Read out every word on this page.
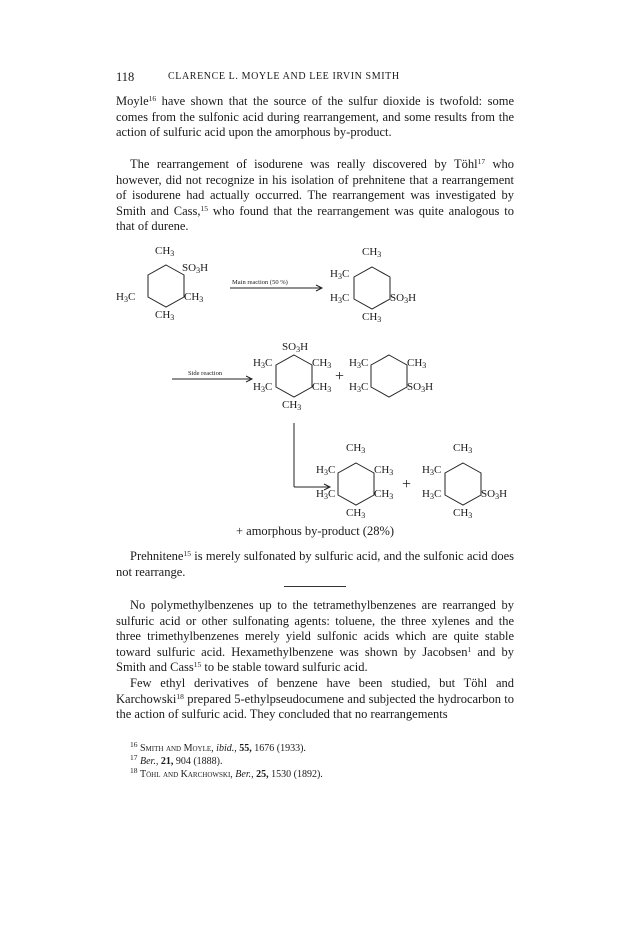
118	CLARENCE L. MOYLE AND LEE IRVIN SMITH

Moyle$^{16}$ have shown that the source of the sulfur dioxide is twofold: some comes from the sulfonic acid during rearrangement, and some results from the action of sulfuric acid upon the amorphous by-product.

The rearrangement of isodurene was really discovered by Töhl$^{17}$ who however, did not recognize in his isolation of prehnitene that a rearrangement of isodurene had actually occurred. The rearrangement was investigated by Smith and Cass,$^{15}$ who found that the rearrangement was quite analogous to that of durene.

$CH_3$
$SO_3H$
$H_3C$	$CH_3$
$CH_3$
Main reaction (50 %)
$CH_3$
$H_3C$
$H_3C$	$SO_3H$
$CH_3$
Side reaction
$SO_3H$
$H_3C$	$CH_3$
$H_3C$	$CH_3$
$CH_3$
+
$H_3C$	$CH_3$
$H_3C$	$SO_3H$
$CH_3$
$H_3C$	$CH_3$
$H_3C$	$CH_3$
$CH_3$
+
$CH_3$
$H_3C$
$H_3C$	$SO_3H$
$CH_3$
+ amorphous by-product (28%)

Prehnitene$^{15}$ is merely sulfonated by sulfuric acid, and the sulfonic acid does not rearrange.

No polymethylbenzenes up to the tetramethylbenzenes are rearranged by sulfuric acid or other sulfonating agents: toluene, the three xylenes and the three trimethylbenzenes merely yield sulfonic acids which are quite stable toward sulfuric acid. Hexamethylbenzene was shown by Jacobsen$^1$ and by Smith and Cass$^{15}$ to be stable toward sulfuric acid.

Few ethyl derivatives of benzene have been studied, but Töhl and Karchowski$^{18}$ prepared 5-ethylpseudocumene and subjected the hydrocarbon to the action of sulfuric acid. They concluded that no rearrangements

$^{16}$ Smith and Moyle, ibid., 55, 1676 (1933).
$^{17}$ Ber., 21, 904 (1888).
$^{18}$ Töhl and Karchowski, Ber., 25, 1530 (1892).
